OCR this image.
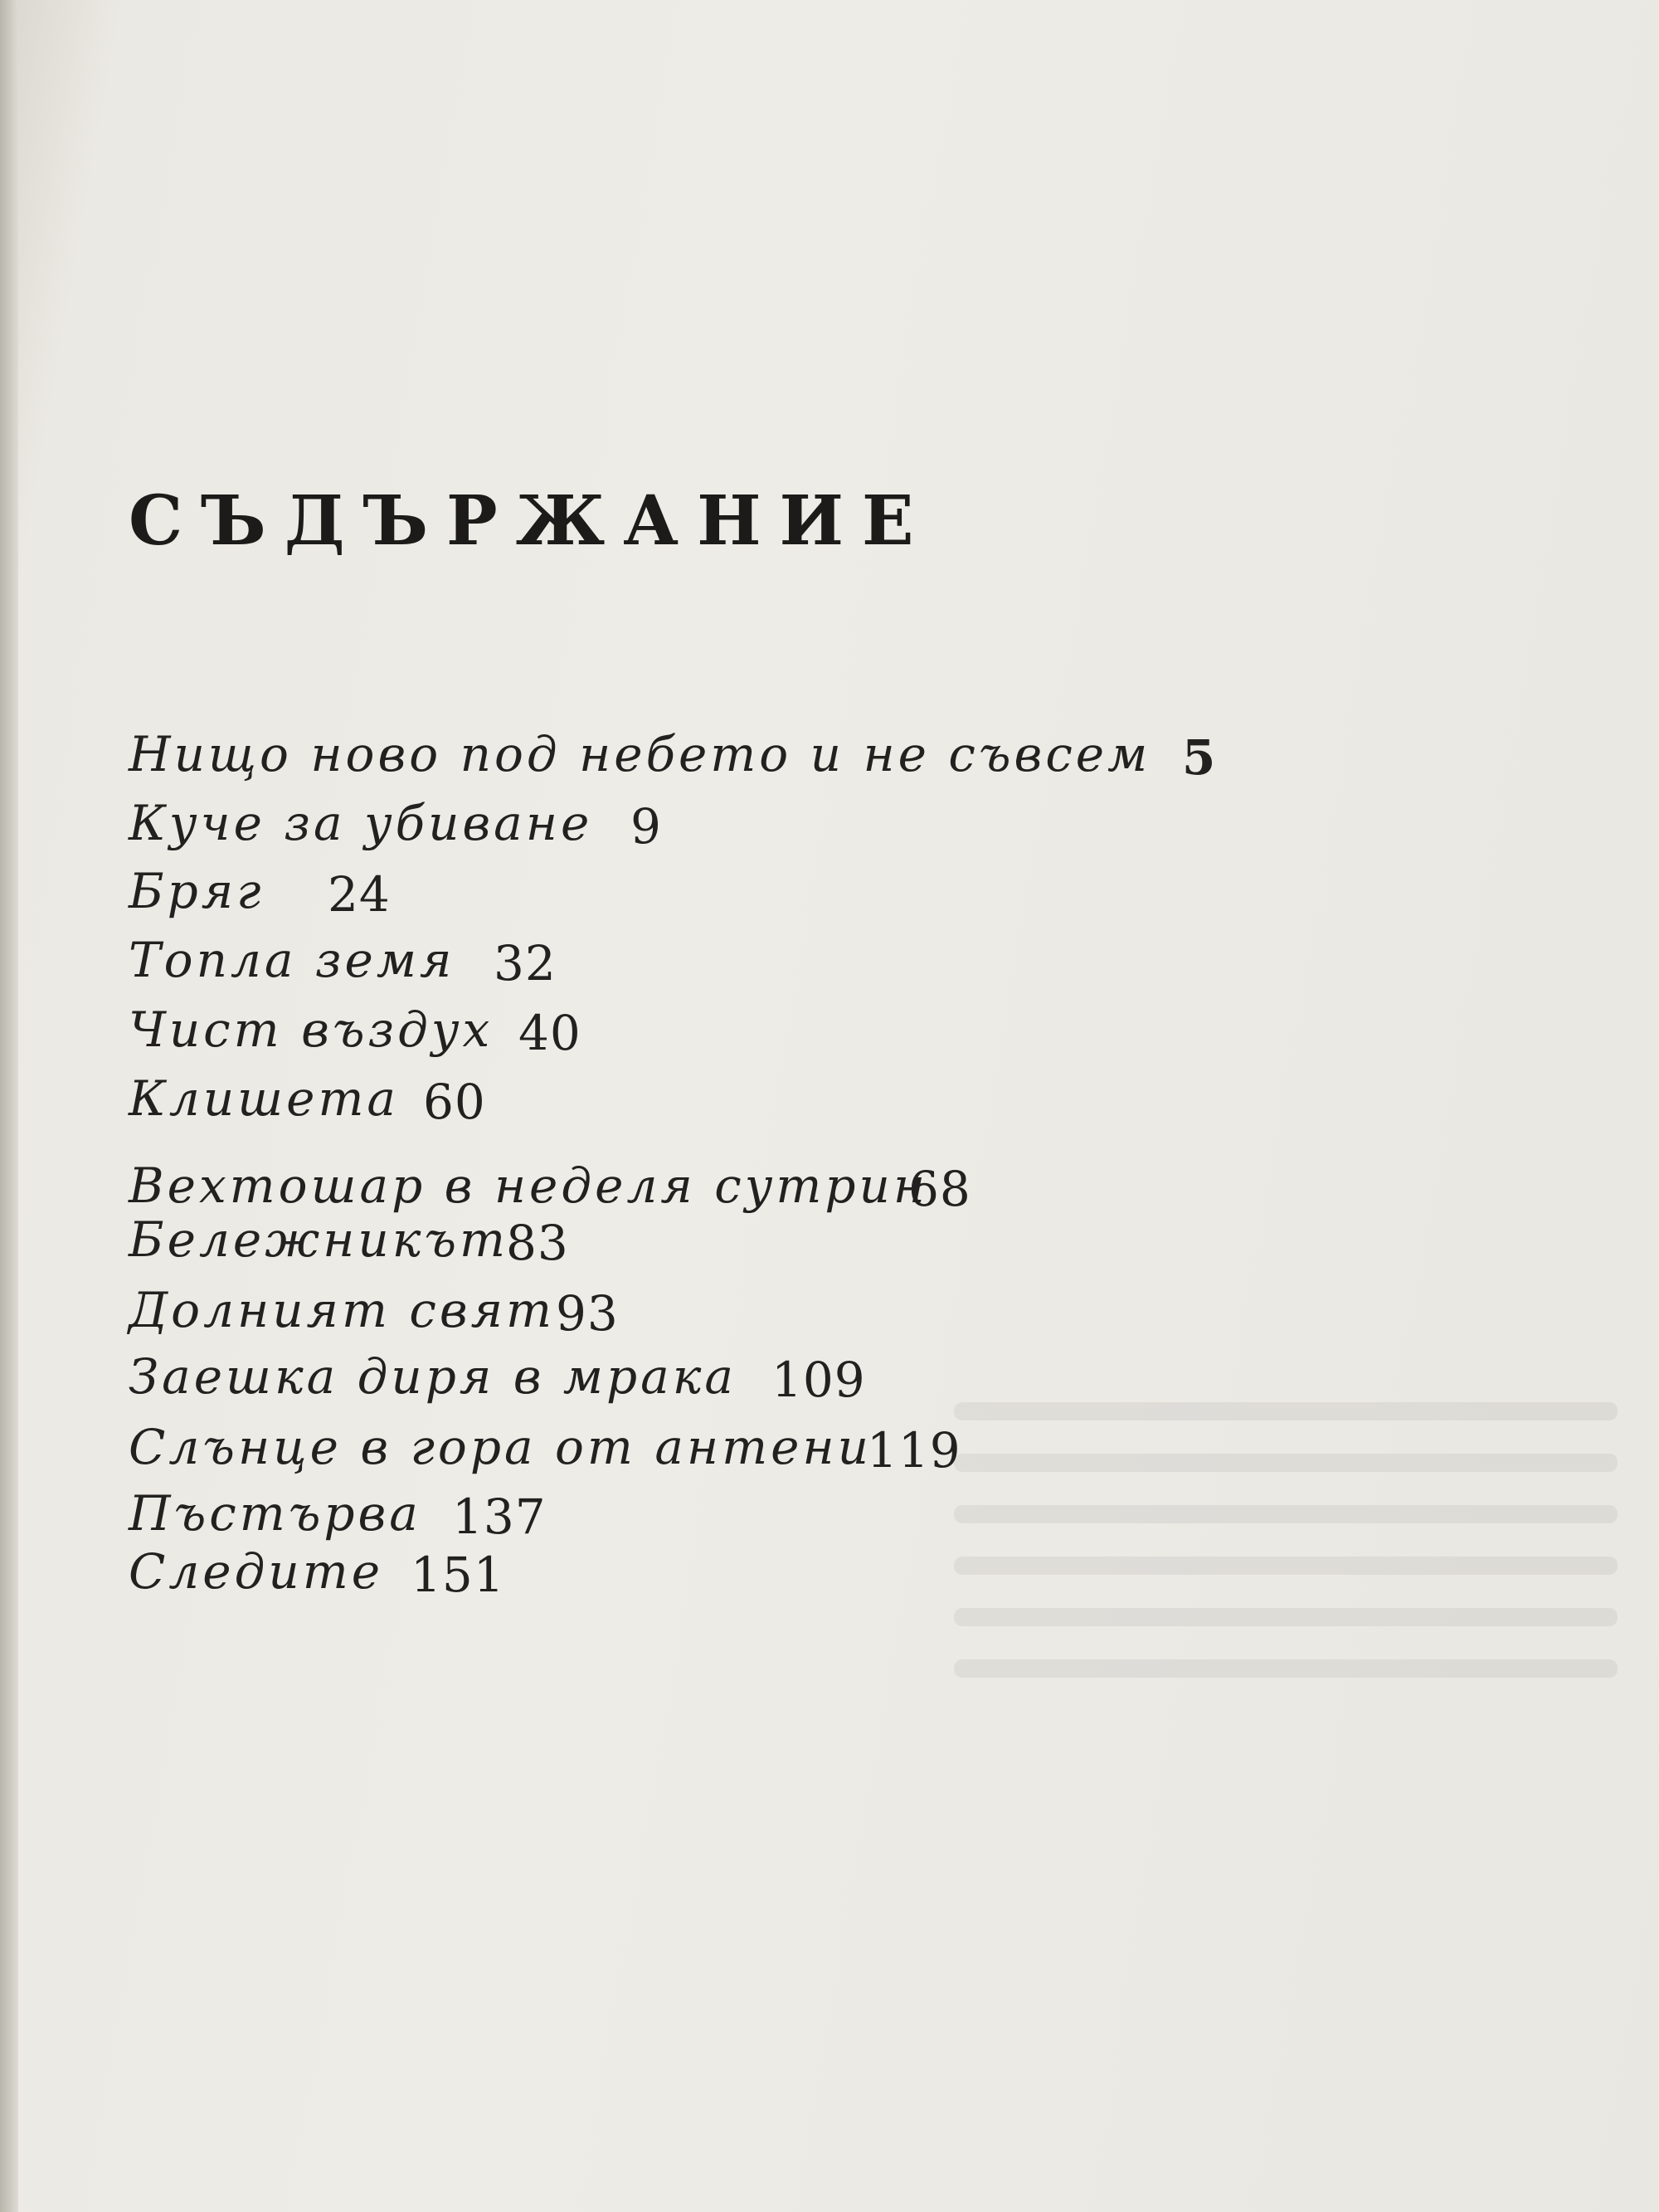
СЪДЪРЖАНИЕ
Нищо ново под небето и не съвсем 5
Куче за убиване 9
Бряг 24
Топла земя 32
Чист въздух 40
Клишета 60
Вехтошар в неделя сутрин
68
Бележникът
83
Долният свят 93
Заешка диря в мрака 109
Слънце в гора от антени
119
Пъстърва 137
Следите 151
